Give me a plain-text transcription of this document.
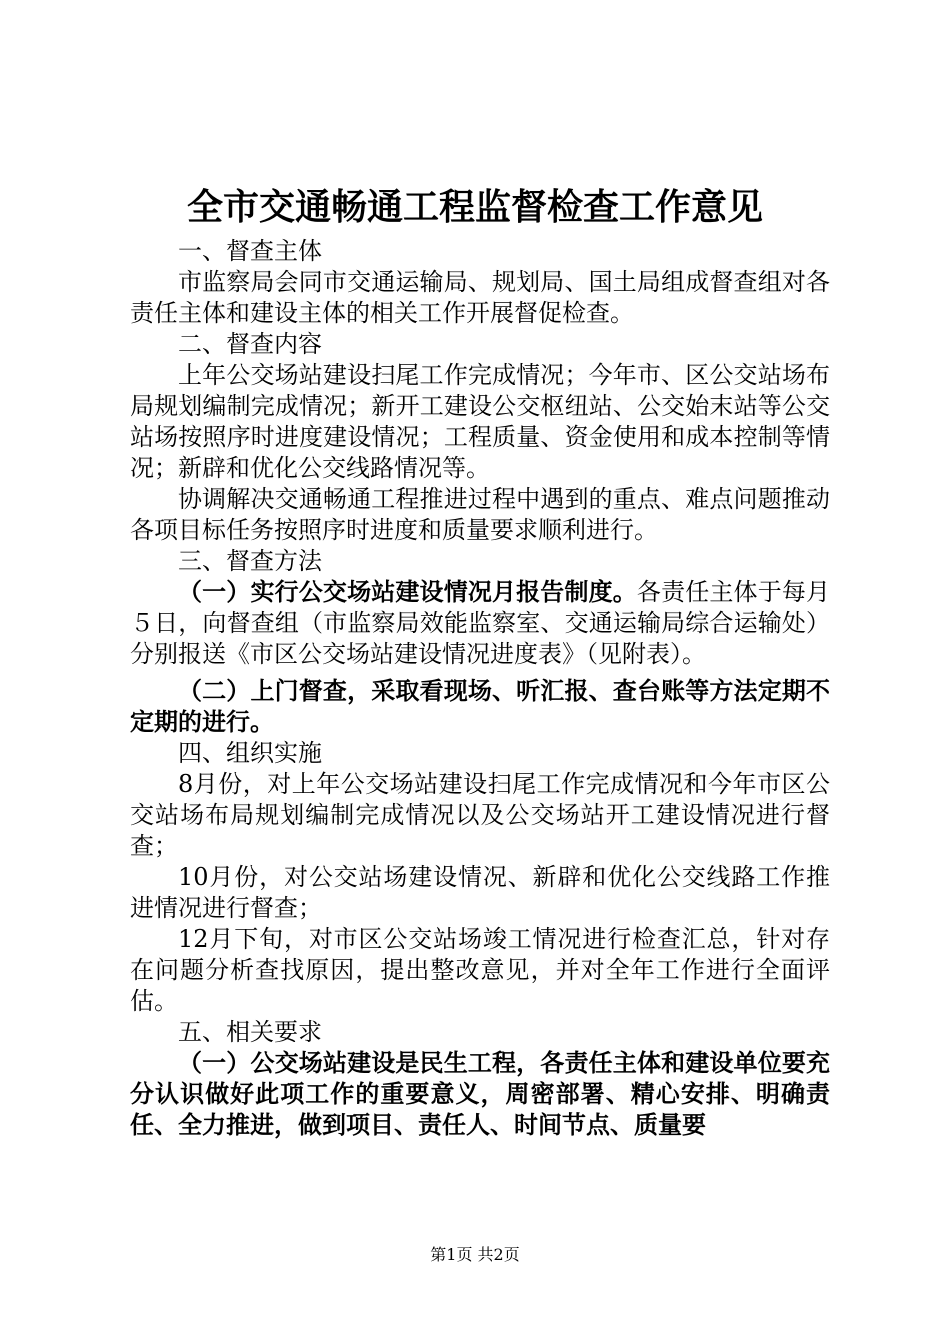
全市交通畅通工程监督检查工作意见

一、督查主体

市监察局会同市交通运输局、规划局、国土局组成督查组对各责任主体和建设主体的相关工作开展督促检查。

二、督查内容

上年公交场站建设扫尾工作完成情况；今年市、区公交站场布局规划编制完成情况；新开工建设公交枢纽站、公交始末站等公交站场按照序时进度建设情况；工程质量、资金使用和成本控制等情况；新辟和优化公交线路情况等。

协调解决交通畅通工程推进过程中遇到的重点、难点问题推动各项目标任务按照序时进度和质量要求顺利进行。

三、督查方法

（一）实行公交场站建设情况月报告制度。各责任主体于每月５日，向督查组（市监察局效能监察室、交通运输局综合运输处）分别报送《市区公交场站建设情况进度表》（见附表）。

（二）上门督查，采取看现场、听汇报、查台账等方法定期不定期的进行。

四、组织实施

8月份，对上年公交场站建设扫尾工作完成情况和今年市区公交站场布局规划编制完成情况以及公交场站开工建设情况进行督查；

10月份，对公交站场建设情况、新辟和优化公交线路工作推进情况进行督查；

12月下旬，对市区公交站场竣工情况进行检查汇总，针对存在问题分析查找原因，提出整改意见，并对全年工作进行全面评估。

五、相关要求

（一）公交场站建设是民生工程，各责任主体和建设单位要充分认识做好此项工作的重要意义，周密部署、精心安排、明确责任、全力推进，做到项目、责任人、时间节点、质量要

第1页 共2页
